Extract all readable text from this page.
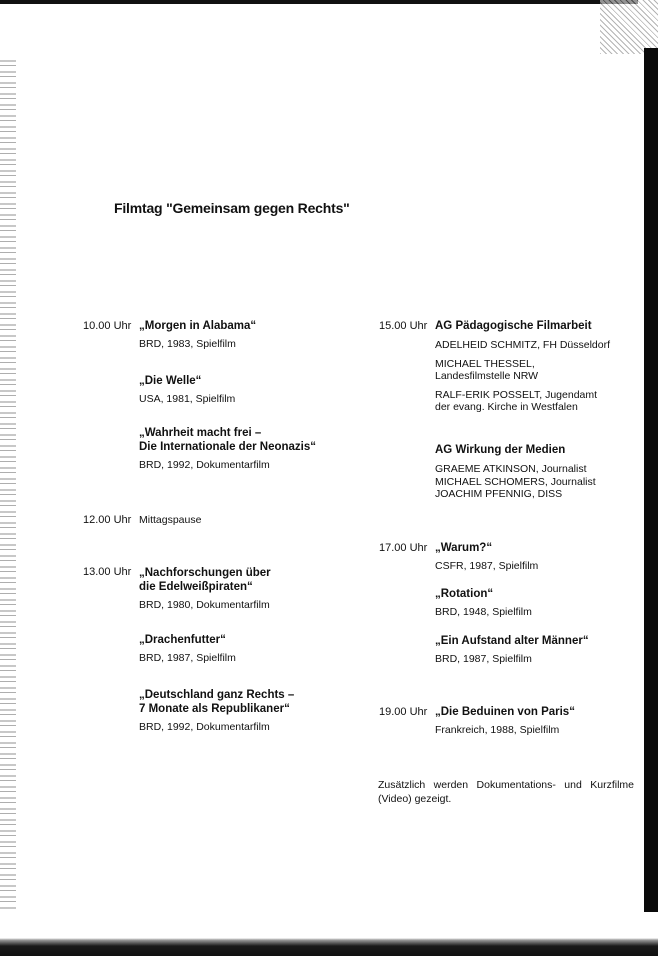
Filmtag "Gemeinsam gegen Rechts"
10.00 Uhr „Morgen in Alabama“
BRD, 1983, Spielfilm
„Die Welle“
USA, 1981, Spielfilm
„Wahrheit macht frei –
Die Internationale der Neonazis“
BRD, 1992, Dokumentarfilm
12.00 Uhr Mittagspause
13.00 Uhr „Nachforschungen über
die Edelweißpiraten“
BRD, 1980, Dokumentarfilm
„Drachenfutter“
BRD, 1987, Spielfilm
„Deutschland ganz Rechts –
7 Monate als Republikaner“
BRD, 1992, Dokumentarfilm
15.00 Uhr AG Pädagogische Filmarbeit
ADELHEID SCHMITZ, FH Düsseldorf
MICHAEL THESSEL,
Landesfilmstelle NRW
RALF-ERIK POSSELT, Jugendamt
der evang. Kirche in Westfalen
AG Wirkung der Medien
GRAEME ATKINSON, Journalist
MICHAEL SCHOMERS, Journalist
JOACHIM PFENNIG, DISS
17.00 Uhr „Warum?“
CSFR, 1987, Spielfilm
„Rotation“
BRD, 1948, Spielfilm
„Ein Aufstand alter Männer“
BRD, 1987, Spielfilm
19.00 Uhr „Die Beduinen von Paris“
Frankreich, 1988, Spielfilm
Zusätzlich werden Dokumentations- und Kurzfilme (Video) gezeigt.
